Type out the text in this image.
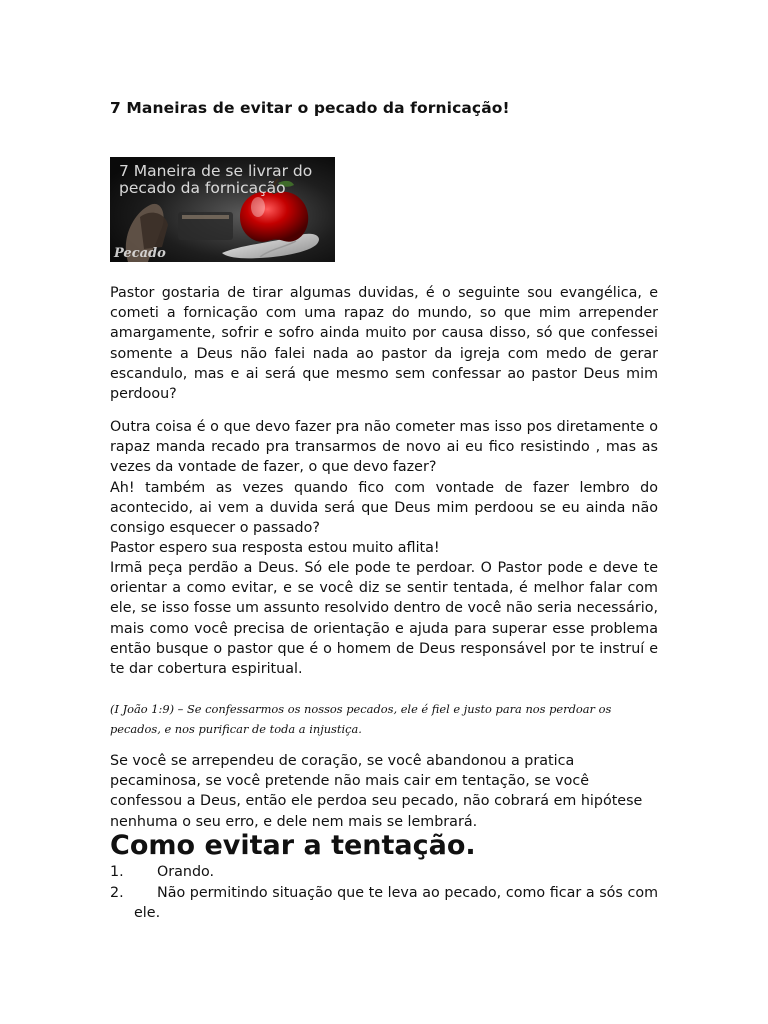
7 Maneiras de evitar o pecado da fornicação!
7 Maneira de se livrar do
pecado da fornicação
Pecado

Pastor gostaria de tirar algumas duvidas, é o seguinte sou evangélica, e cometi a fornicação com uma rapaz do mundo, so que mim arrepender amargamente, sofrir e sofro ainda muito por causa disso, só que confessei somente a Deus não falei nada ao pastor da igreja com medo de gerar escandulo, mas e ai será que mesmo sem confessar ao pastor Deus mim perdoou?

Outra coisa é o que devo fazer pra não cometer mas isso pos diretamente o rapaz manda recado pra transarmos de novo ai eu fico resistindo , mas as vezes da vontade de fazer, o que devo fazer?

Ah! também as vezes quando fico com vontade de fazer lembro do acontecido, ai vem a duvida será que Deus mim perdoou se eu ainda não consigo esquecer o passado?

Pastor espero sua resposta estou muito aflita!

Irmã peça perdão a Deus. Só ele pode te perdoar. O Pastor pode e deve te orientar a como evitar, e se você diz se sentir tentada, é melhor falar com ele, se isso fosse um assunto resolvido dentro de você não seria necessário, mais como você precisa de orientação e ajuda para superar esse problema então busque o pastor que é o homem de Deus responsável por te instruí e te dar cobertura espiritual.

(I João 1:9) – Se confessarmos os nossos pecados, ele é fiel e justo para nos perdoar os pecados, e nos purificar de toda a injustiça.

Se você se arrependeu de coração, se você abandonou a pratica pecaminosa, se você pretende não mais cair em tentação, se você confessou a Deus, então ele perdoa seu pecado, não cobrará em hipótese nenhuma o seu erro, e dele nem mais se lembrará.

Como evitar a tentação.
1.	Orando.
2.	Não permitindo situação que te leva ao pecado, como ficar a sós com ele.
